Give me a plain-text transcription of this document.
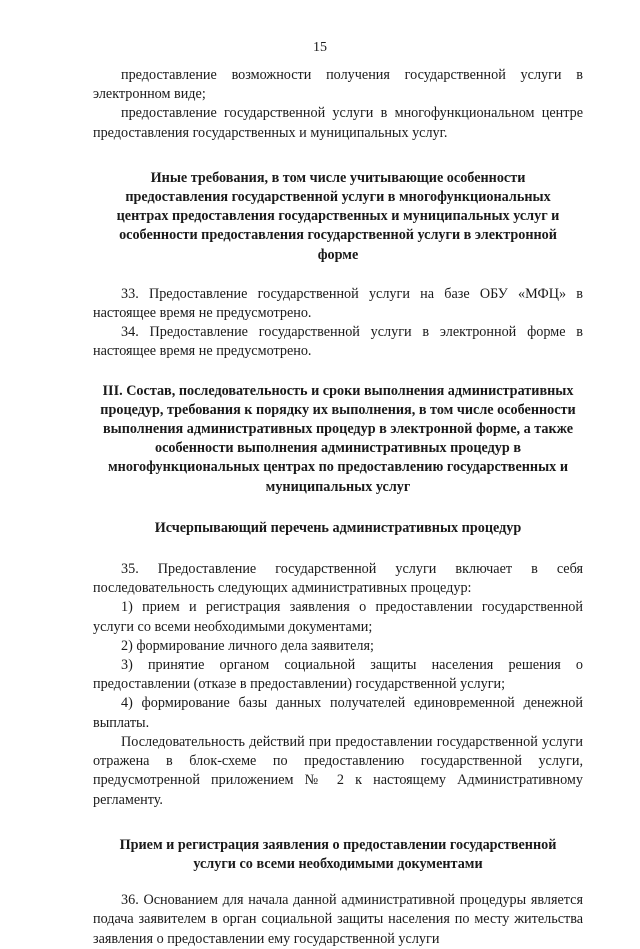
15

предоставление возможности получения государственной услуги в электронном виде;

предоставление государственной услуги в многофункциональном центре предоставления государственных и муниципальных услуг.

Иные требования, в том числе учитывающие особенности предоставления государственной услуги в многофункциональных центрах предоставления государственных и муниципальных услуг и особенности предоставления государственной услуги в электронной форме

33. Предоставление государственной услуги на базе ОБУ «МФЦ» в настоящее время не предусмотрено.

34. Предоставление государственной услуги в электронной форме в настоящее время не предусмотрено.

III. Состав, последовательность и сроки выполнения административных процедур, требования к порядку их выполнения, в том числе особенности выполнения административных процедур в электронной форме, а также особенности выполнения административных процедур в многофункциональных центрах по предоставлению государственных и муниципальных услуг

Исчерпывающий перечень административных процедур

35. Предоставление государственной услуги включает в себя последовательность следующих административных процедур:

1) прием и регистрация заявления о предоставлении государственной услуги со всеми необходимыми документами;

2) формирование личного дела заявителя;

3) принятие органом социальной защиты населения решения о предоставлении (отказе в предоставлении) государственной услуги;

4) формирование базы данных получателей единовременной денежной выплаты.

Последовательность действий при предоставлении государственной услуги отражена в блок-схеме по предоставлению государственной услуги, предусмотренной приложением № 2 к настоящему Административному регламенту.

Прием и регистрация заявления о предоставлении государственной услуги со всеми необходимыми документами

36. Основанием для начала данной административной процедуры является подача заявителем в орган социальной защиты населения по месту жительства заявления о предоставлении ему государственной услуги
